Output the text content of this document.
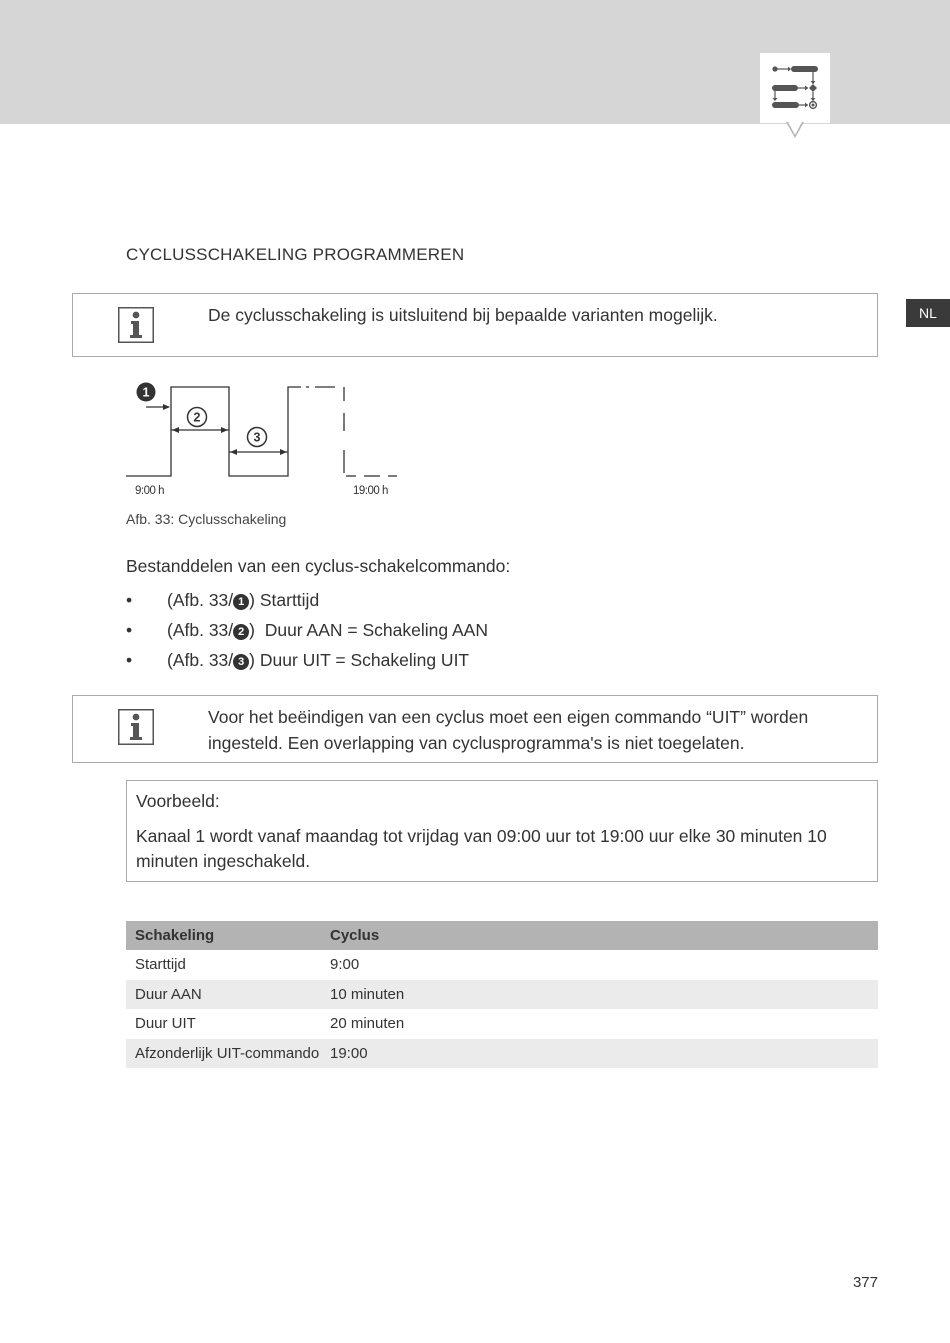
NL
CYCLUSSCHAKELING PROGRAMMEREN
De cyclusschakeling is uitsluitend bij bepaalde varianten mogelijk.
1
2
3
9:00 h	19:00 h
Afb. 33: Cyclusschakeling
Bestanddelen van een cyclus-schakelcommando:
• (Afb. 33/ 1 ) Starttijd
• (Afb. 33/ 2 )  Duur AAN = Schakeling AAN
• (Afb. 33/ 3 ) Duur UIT = Schakeling UIT
Voor het beëindigen van een cyclus moet een eigen commando “UIT” worden ingesteld. Een overlapping van cyclusprogramma's is niet toegelaten.
Voorbeeld:
Kanaal 1 wordt vanaf maandag tot vrijdag van 09:00 uur tot 19:00 uur elke 30 minuten 10 minuten ingeschakeld.
Schakeling	Cyclus
Starttijd	9:00
Duur AAN	10 minuten
Duur UIT	20 minuten
Afzonderlijk UIT-commando	19:00
377
